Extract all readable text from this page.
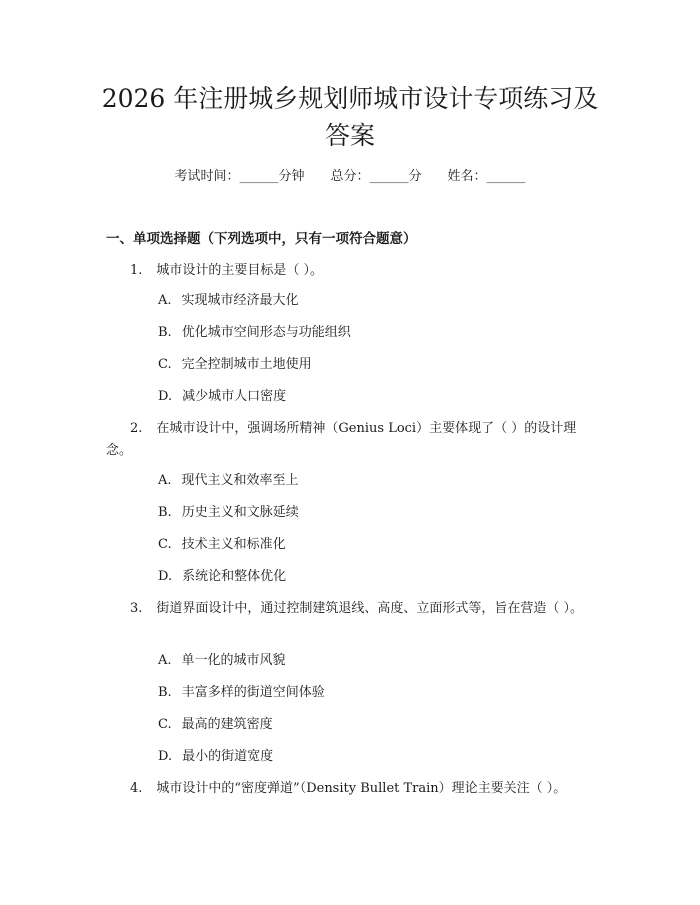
2026 年注册城乡规划师城市设计专项练习及
答案
考试时间：______分钟 总分：______分 姓名：______
一、单项选择题（下列选项中，只有一项符合题意）
1. 城市设计的主要目标是（ ）。
A. 实现城市经济最大化
B. 优化城市空间形态与功能组织
C. 完全控制城市土地使用
D. 减少城市人口密度
2. 在城市设计中，强调场所精神（Genius Loci）主要体现了（ ）的设计理念。
A. 现代主义和效率至上
B. 历史主义和文脉延续
C. 技术主义和标准化
D. 系统论和整体优化
3. 街道界面设计中，通过控制建筑退线、高度、立面形式等，旨在营造（ ）。
A. 单一化的城市风貌
B. 丰富多样的街道空间体验
C. 最高的建筑密度
D. 最小的街道宽度
4. 城市设计中的“密度弹道”（Density Bullet Train）理论主要关注（ ）。
